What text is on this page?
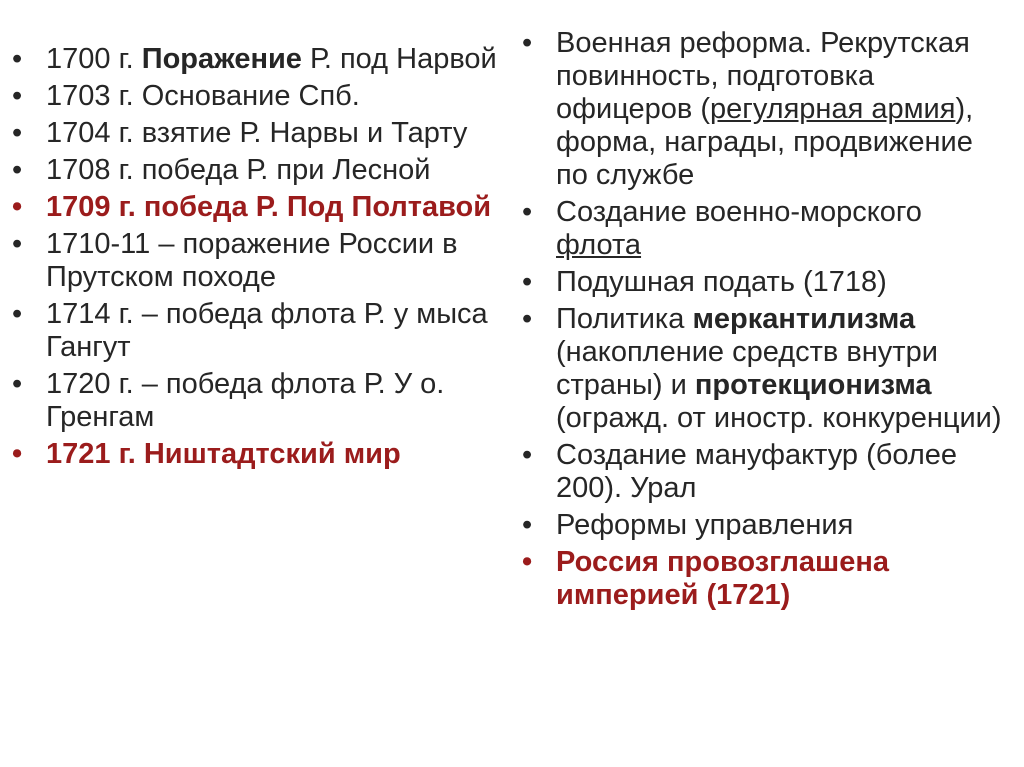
• 1700 г. Поражение Р. под Нарвой
• 1703 г. Основание Спб.
• 1704 г. взятие Р. Нарвы и Тарту
• 1708 г. победа Р. при Лесной
• 1709 г. победа Р. Под Полтавой
• 1710-11 – поражение России в Прутском походе
• 1714 г. – победа флота Р. у мыса Гангут
• 1720 г. – победа флота Р. У о. Гренгам
• 1721 г. Ништадтский мир
• Военная реформа. Рекрутская повинность, подготовка офицеров (регулярная армия), форма, награды, продвижение по службе
• Создание военно-морского флота
• Подушная подать (1718)
• Политика меркантилизма (накопление средств внутри страны) и протекционизма (огражд. от иностр. конкуренции)
• Создание мануфактур (более 200). Урал
• Реформы управления
• Россия провозглашена империей (1721)
